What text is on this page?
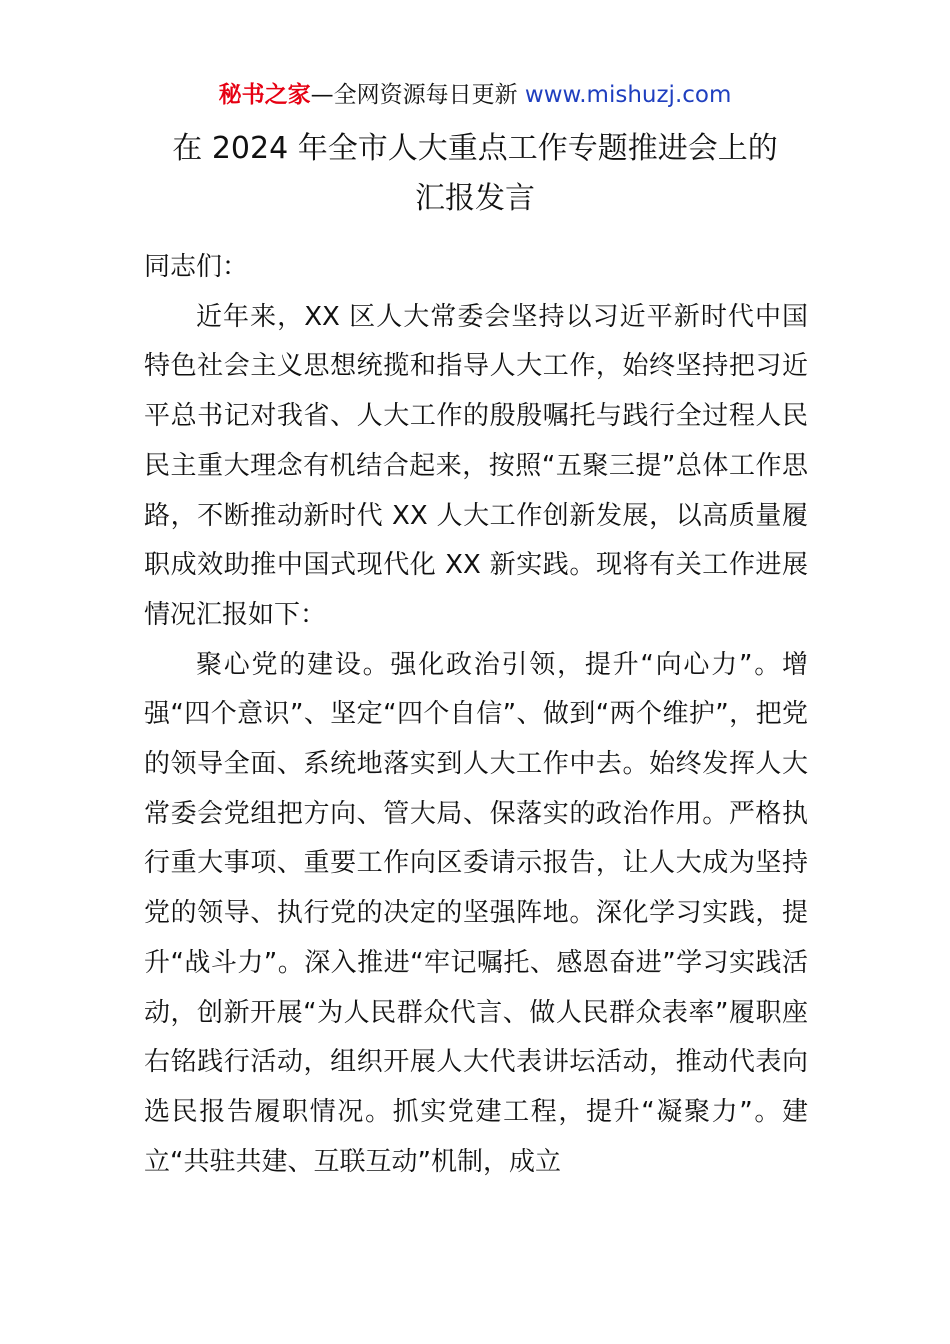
秘书之家—全网资源每日更新 www.mishuzj.com
在 2024 年全市人大重点工作专题推进会上的
汇报发言

同志们：

近年来，XX 区人大常委会坚持以习近平新时代中国特色社会主义思想统揽和指导人大工作，始终坚持把习近平总书记对我省、人大工作的殷殷嘱托与践行全过程人民民主重大理念有机结合起来，按照“五聚三提”总体工作思路，不断推动新时代 XX 人大工作创新发展，以高质量履职成效助推中国式现代化 XX 新实践。现将有关工作进展情况汇报如下：

聚心党的建设。强化政治引领，提升“向心力”。增强“四个意识”、坚定“四个自信”、做到“两个维护”，把党的领导全面、系统地落实到人大工作中去。始终发挥人大常委会党组把方向、管大局、保落实的政治作用。严格执行重大事项、重要工作向区委请示报告，让人大成为坚持党的领导、执行党的决定的坚强阵地。深化学习实践，提升“战斗力”。深入推进“牢记嘱托、感恩奋进”学习实践活动，创新开展“为人民群众代言、做人民群众表率”履职座右铭践行活动，组织开展人大代表讲坛活动，推动代表向选民报告履职情况。抓实党建工程，提升“凝聚力”。建立“共驻共建、互联互动”机制，成立
